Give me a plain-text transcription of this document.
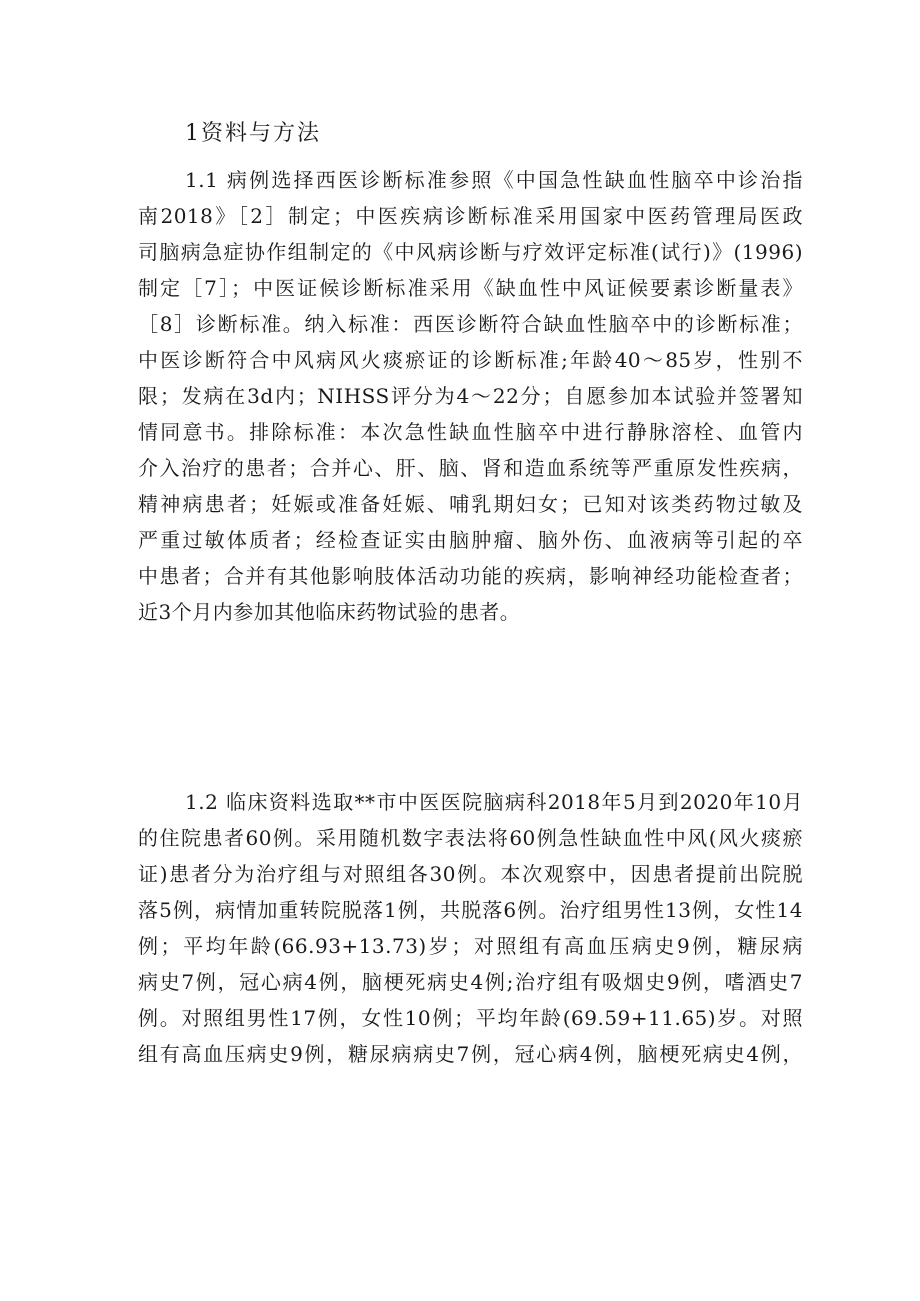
1资料与方法
1.1 病例选择西医诊断标准参照《中国急性缺血性脑卒中诊治指
南2018》［2］制定；中医疾病诊断标准采用国家中医药管理局医政
司脑病急症协作组制定的《中风病诊断与疗效评定标准(试行)》(1996)
制定［7］；中医证候诊断标准采用《缺血性中风证候要素诊断量表》
［8］诊断标准。纳入标准：西医诊断符合缺血性脑卒中的诊断标准；
中医诊断符合中风病风火痰瘀证的诊断标准;年龄40～85岁，性别不
限；发病在3d内；NIHSS评分为4～22分；自愿参加本试验并签署知
情同意书。排除标准：本次急性缺血性脑卒中进行静脉溶栓、血管内
介入治疗的患者；合并心、肝、脑、肾和造血系统等严重原发性疾病，
精神病患者；妊娠或准备妊娠、哺乳期妇女；已知对该类药物过敏及
严重过敏体质者；经检查证实由脑肿瘤、脑外伤、血液病等引起的卒
中患者；合并有其他影响肢体活动功能的疾病，影响神经功能检查者；
近3个月内参加其他临床药物试验的患者。
1.2 临床资料选取**市中医医院脑病科2018年5月到2020年10月
的住院患者60例。采用随机数字表法将60例急性缺血性中风(风火痰瘀
证)患者分为治疗组与对照组各30例。本次观察中，因患者提前出院脱
落5例，病情加重转院脱落1例，共脱落6例。治疗组男性13例，女性14
例；平均年龄(66.93+13.73)岁；对照组有高血压病史9例，糖尿病
病史7例，冠心病4例，脑梗死病史4例;治疗组有吸烟史9例，嗜酒史7
例。对照组男性17例，女性10例；平均年龄(69.59+11.65)岁。对照
组有高血压病史9例，糖尿病病史7例，冠心病4例，脑梗死病史4例，
